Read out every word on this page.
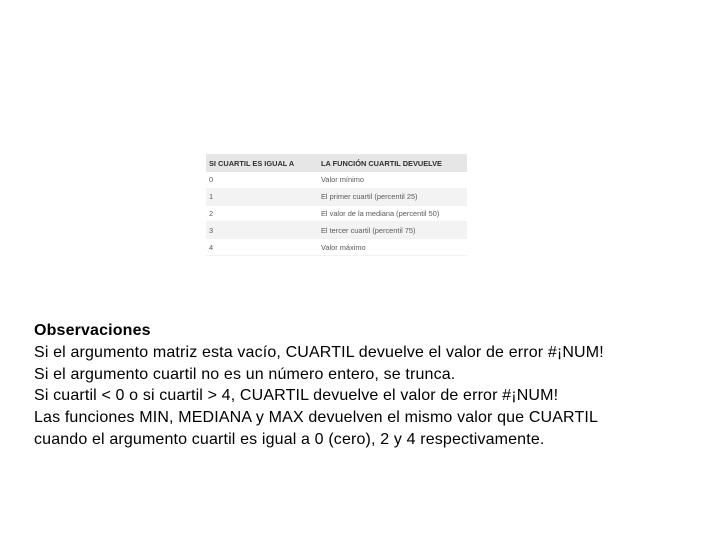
SI CUARTIL ES IGUAL A	LA FUNCIÓN CUARTIL DEVUELVE
0	Valor mínimo
1	El primer cuartil (percentil 25)
2	El valor de la mediana (percentil 50)
3	El tercer cuartil (percentil 75)
4	Valor máximo
Observaciones
Si el argumento matriz esta vacío, CUARTIL devuelve el valor de error #¡NUM!
Si el argumento cuartil no es un número entero, se trunca.
Si cuartil < 0 o si cuartil > 4, CUARTIL devuelve el valor de error #¡NUM!
Las funciones MIN, MEDIANA y MAX devuelven el mismo valor que CUARTIL
cuando el argumento cuartil es igual a 0 (cero), 2 y 4 respectivamente.
